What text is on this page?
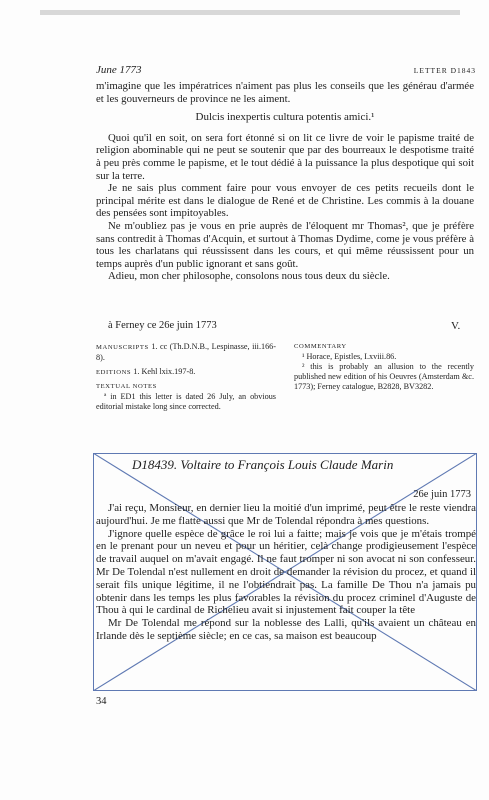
June 1773	LETTER D1843

m'imagine que les impératrices n'aiment pas plus les conseils que les générau d'armée et les gouverneurs de province ne les aiment.

Dulcis inexpertis cultura potentis amici.¹

Quoi qu'il en soit, on sera fort étonné si on lit ce livre de voir le papisme traité de religion abominable qui ne peut se soutenir que par des bourreaux le despotisme traité à peu près comme le papisme, et le tout dédié à la puissance la plus despotique qui soit sur la terre.

Je ne sais plus comment faire pour vous envoyer de ces petits recueils dont le principal mérite est dans le dialogue de René et de Christine. Les commis à la douane des pensées sont impitoyables.

Ne m'oubliez pas je vous en prie auprès de l'éloquent mr Thomas², que je préfère sans contredit à Thomas d'Acquin, et surtout à Thomas Dydime, come je vous préfère à tous les charlatans qui réussissent dans les cours, et qui même réussissent pour un temps auprès d'un public ignorant et sans goût.

Adieu, mon cher philosophe, consolons nous tous deux du siècle.

à Ferney ce 26e juin 1773	V.

MANUSCRIPTS 1. cc (Th.D.N.B., Lespinasse, iii.166-8).

EDITIONS 1. Kehl lxix.197-8.

TEXTUAL NOTES

ª in ED1 this letter is dated 26 July, an obvious editorial mistake long since corrected.

COMMENTARY

¹ Horace, Epistles, I.xviii.86.

² this is probably an allusion to the recently published new edition of his Oeuvres (Amsterdam &c. 1773); Ferney catalogue, B2828, BV3282.

D18439. Voltaire to François Louis Claude Marin
26e juin 1773

J'ai reçu, Monsieur, en dernier lieu la moitié d'un imprimé, peut être le reste viendra aujourd'hui. Je me flatte aussi que Mr de Tolendal répondra à mes questions.

J'ignore quelle espèce de grâce le roi lui a faitte; mais je vois que je m'étais trompé en le prenant pour un neveu et pour un héritier, celà change prodigieusement l'espèce de travail auquel on m'avait engagé. Il ne faut tromper ni son avocat ni son confesseur. Mr De Tolendal n'est nullement en droit de demander la révision du procez, et quand il serait fils unique légitime, il ne l'obtiendrait pas. La famille De Thou n'a jamais pu obtenir dans les temps les plus favorables la révision du procez criminel d'Auguste de Thou à qui le cardinal de Richelieu avait si injustement fait couper la tête

Mr De Tolendal me répond sur la noblesse des Lalli, qu'ils avaient un château en Irlande dès le septième siècle; en ce cas, sa maison est beaucoup

34
